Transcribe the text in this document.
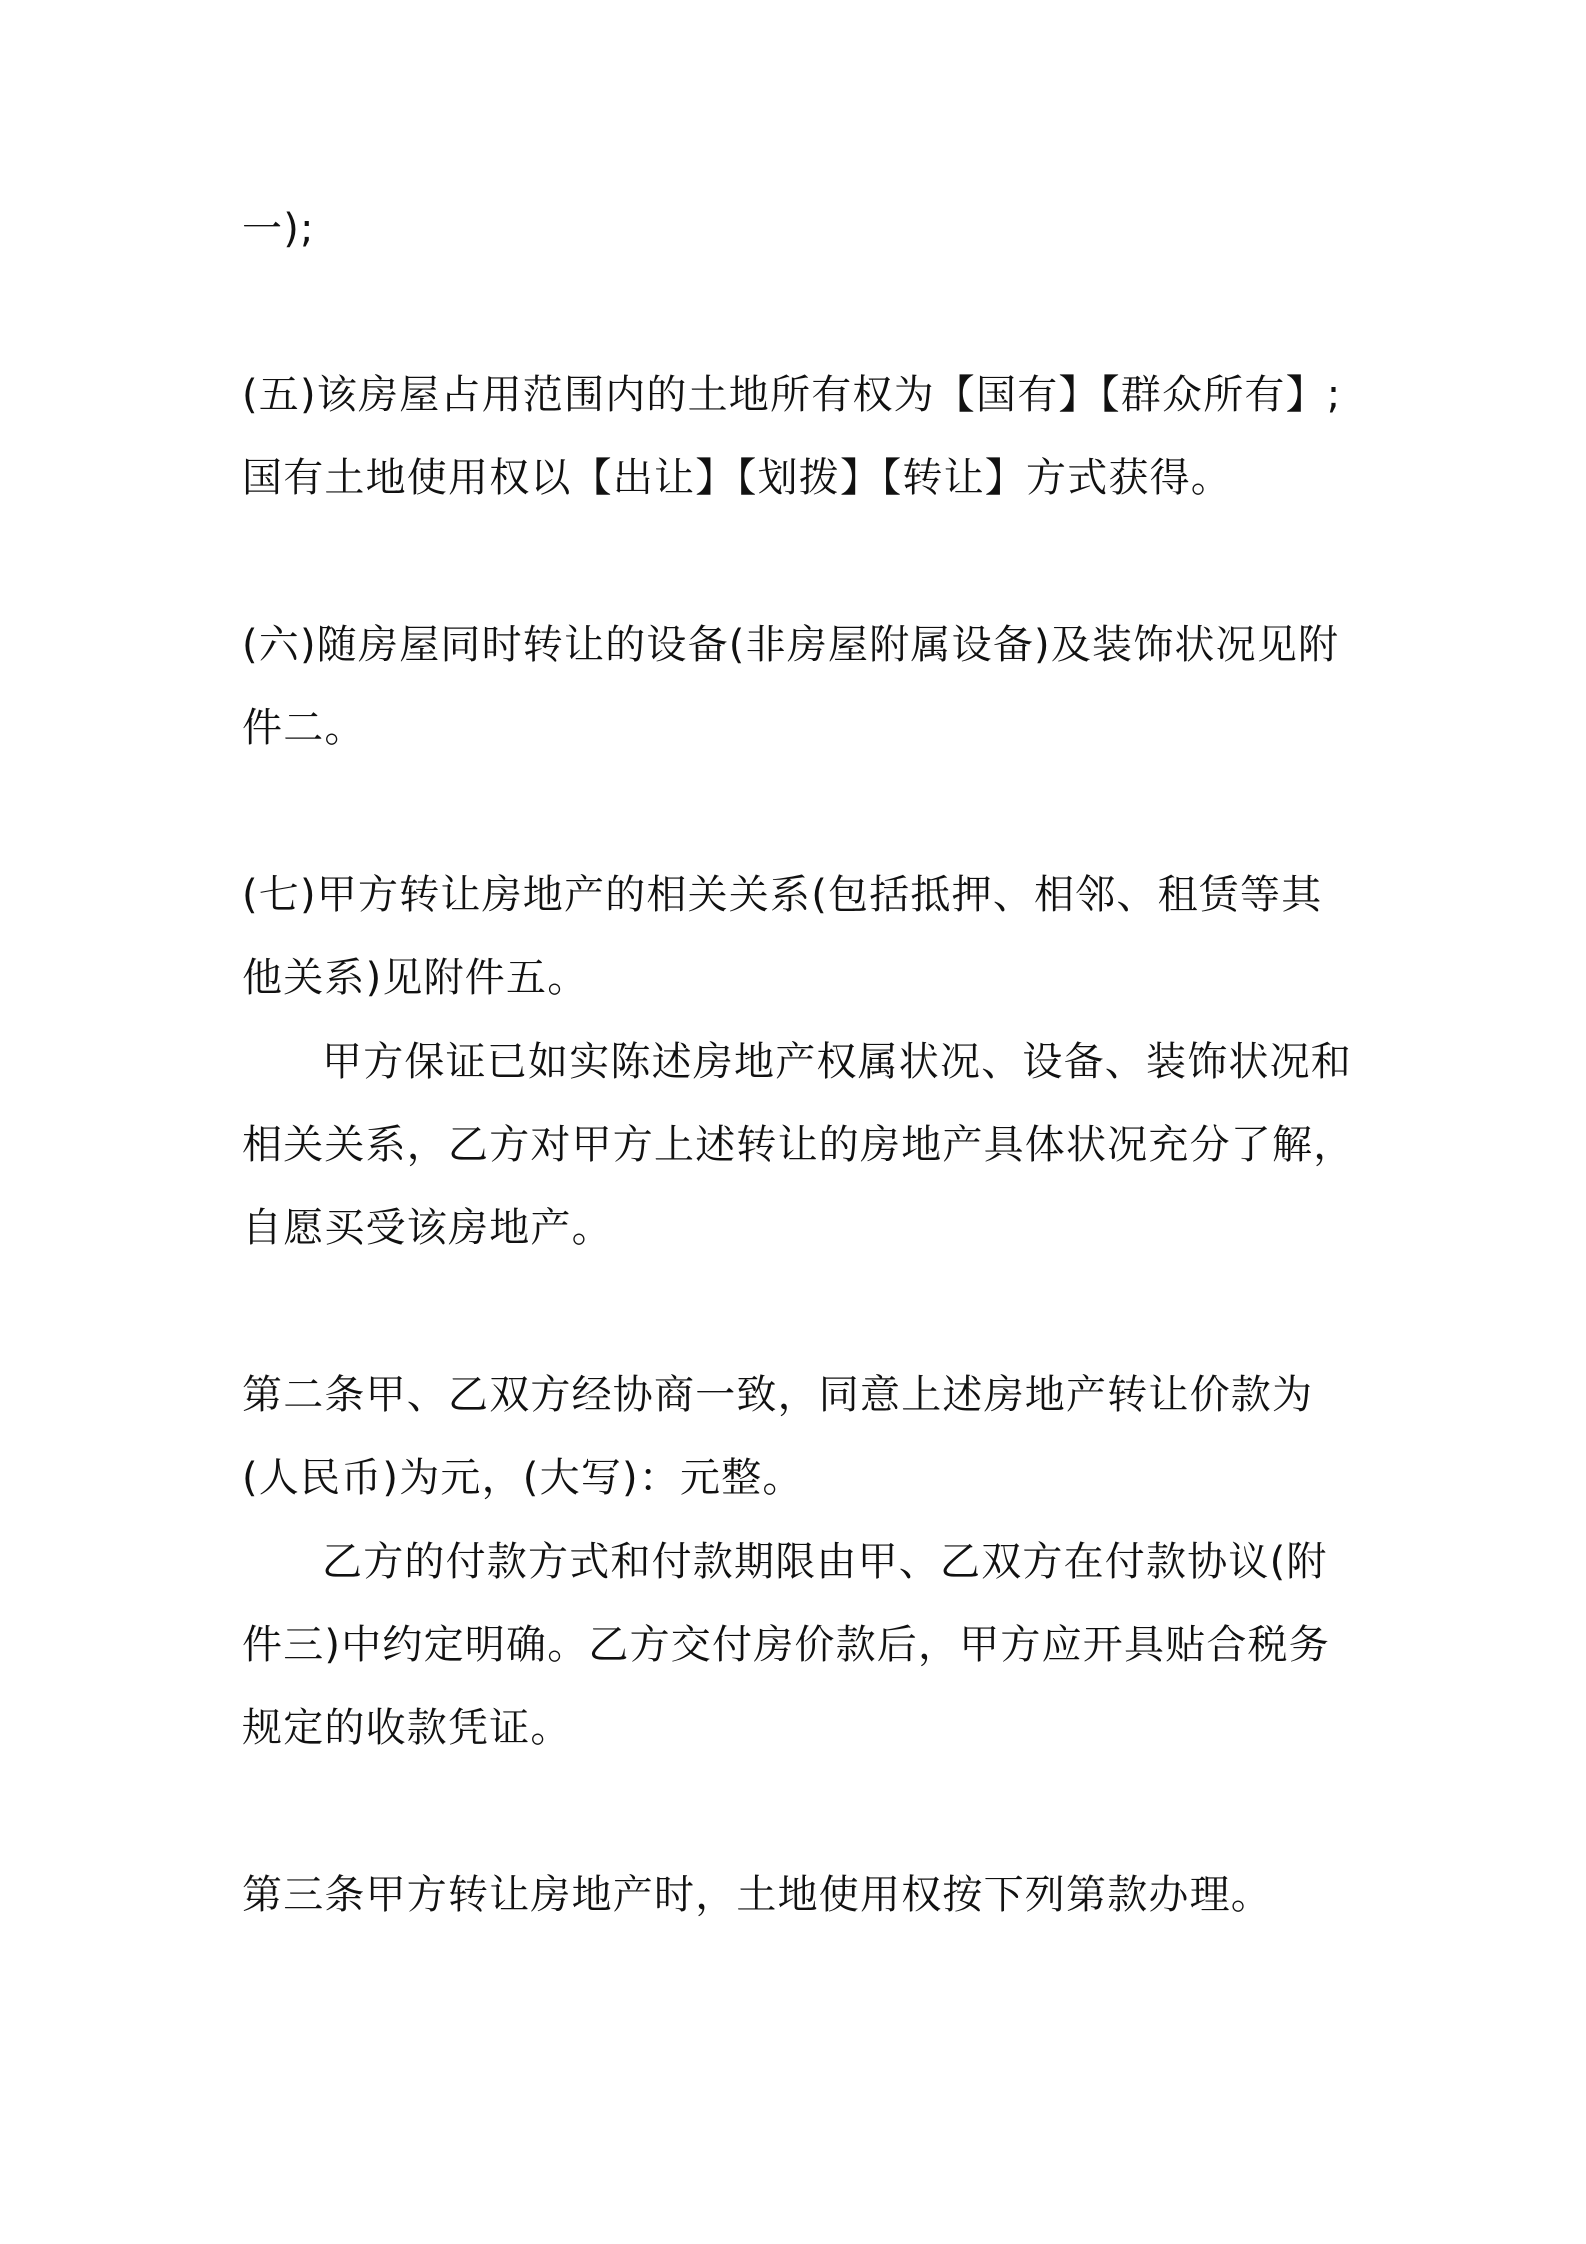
一);

(五)该房屋占用范围内的土地所有权为【国有】【群众所有】;国有土地使用权以【出让】【划拨】【转让】方式获得。

(六)随房屋同时转让的设备(非房屋附属设备)及装饰状况见附件二。

(七)甲方转让房地产的相关关系(包括抵押、相邻、租赁等其他关系)见附件五。

甲方保证已如实陈述房地产权属状况、设备、装饰状况和相关关系，乙方对甲方上述转让的房地产具体状况充分了解，自愿买受该房地产。

第二条甲、乙双方经协商一致，同意上述房地产转让价款为(人民币)为元，(大写)：元整。

乙方的付款方式和付款期限由甲、乙双方在付款协议(附件三)中约定明确。乙方交付房价款后，甲方应开具贴合税务规定的收款凭证。

第三条甲方转让房地产时，土地使用权按下列第款办理。
